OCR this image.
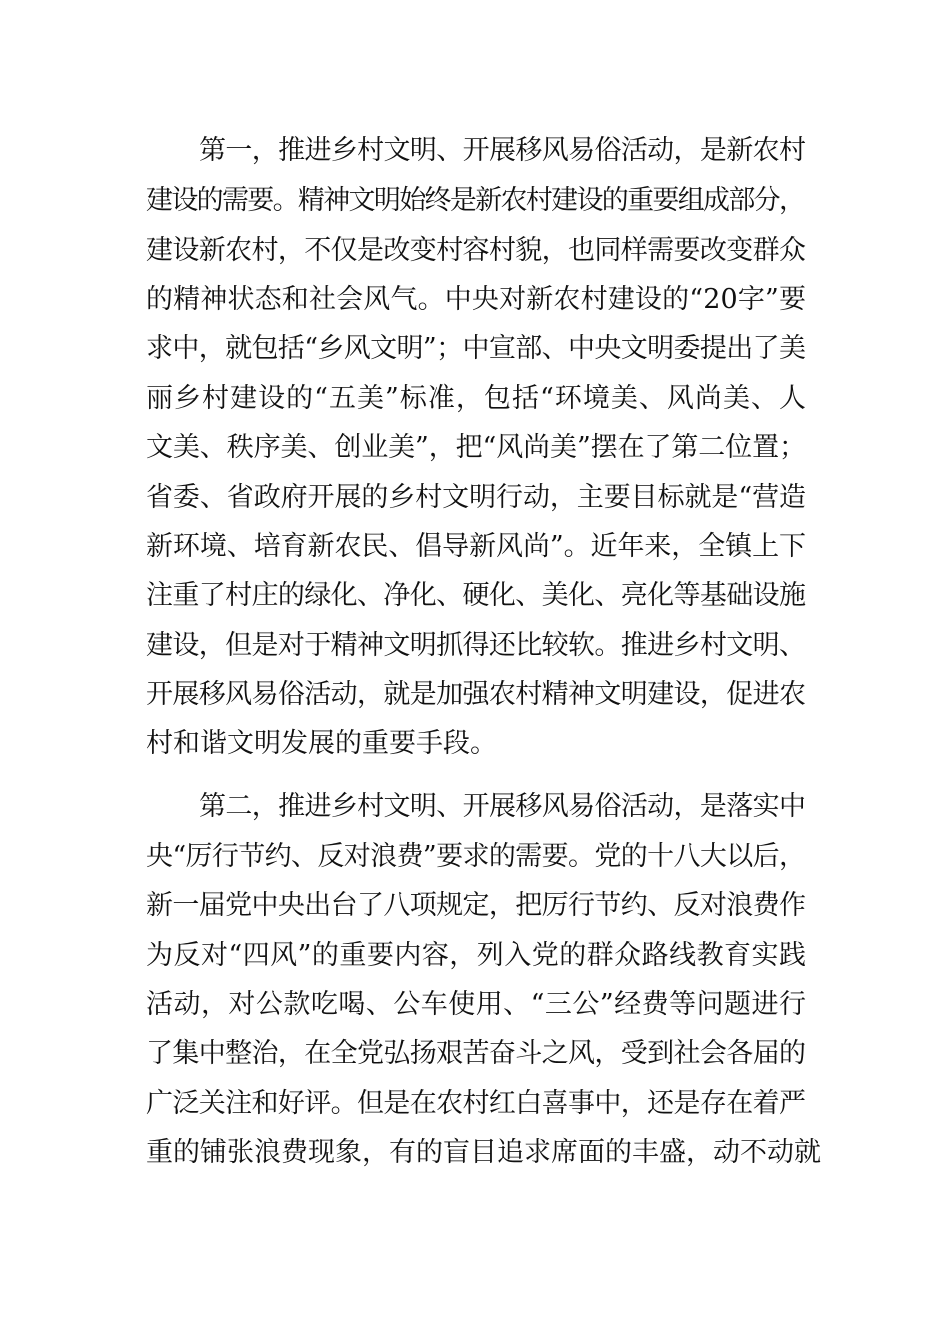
第一，推进乡村文明、开展移风易俗活动，是新农村
建设的需要。精神文明始终是新农村建设的重要组成部分，
建设新农村，不仅是改变村容村貌，也同样需要改变群众
的精神状态和社会风气。中央对新农村建设的“20字”要
求中，就包括“乡风文明”；中宣部、中央文明委提出了美
丽乡村建设的“五美”标准，包括“环境美、风尚美、人
文美、秩序美、创业美”，把“风尚美”摆在了第二位置；
省委、省政府开展的乡村文明行动，主要目标就是“营造
新环境、培育新农民、倡导新风尚”。近年来，全镇上下
注重了村庄的绿化、净化、硬化、美化、亮化等基础设施
建设，但是对于精神文明抓得还比较软。推进乡村文明、
开展移风易俗活动，就是加强农村精神文明建设，促进农
村和谐文明发展的重要手段。
第二，推进乡村文明、开展移风易俗活动，是落实中
央“厉行节约、反对浪费”要求的需要。党的十八大以后，
新一届党中央出台了八项规定，把厉行节约、反对浪费作
为反对“四风”的重要内容，列入党的群众路线教育实践
活动，对公款吃喝、公车使用、“三公”经费等问题进行
了集中整治，在全党弘扬艰苦奋斗之风，受到社会各届的
广泛关注和好评。但是在农村红白喜事中，还是存在着严
重的铺张浪费现象，有的盲目追求席面的丰盛，动不动就
